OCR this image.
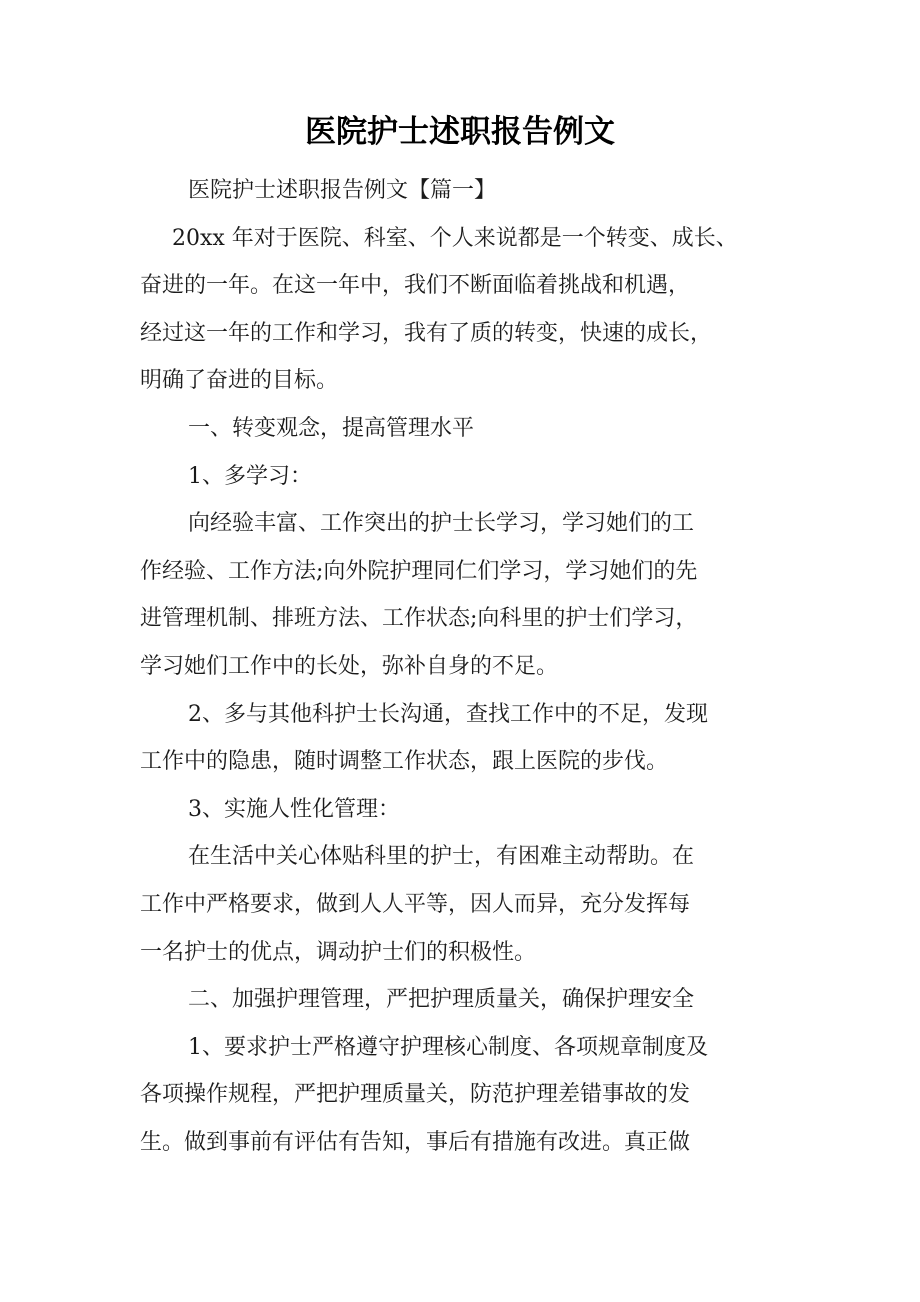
医院护士述职报告例文
医院护士述职报告例文【篇一】
20xx 年对于医院、科室、个人来说都是一个转变、成长、
奋进的一年。在这一年中，我们不断面临着挑战和机遇，
经过这一年的工作和学习，我有了质的转变，快速的成长，
明确了奋进的目标。
一、转变观念，提高管理水平
1、多学习：
向经验丰富、工作突出的护士长学习，学习她们的工
作经验、工作方法;向外院护理同仁们学习，学习她们的先
进管理机制、排班方法、工作状态;向科里的护士们学习，
学习她们工作中的长处，弥补自身的不足。
2、多与其他科护士长沟通，查找工作中的不足，发现
工作中的隐患，随时调整工作状态，跟上医院的步伐。
3、实施人性化管理：
在生活中关心体贴科里的护士，有困难主动帮助。在
工作中严格要求，做到人人平等，因人而异，充分发挥每
一名护士的优点，调动护士们的积极性。
二、加强护理管理，严把护理质量关，确保护理安全
1、要求护士严格遵守护理核心制度、各项规章制度及
各项操作规程，严把护理质量关，防范护理差错事故的发
生。做到事前有评估有告知，事后有措施有改进。真正做
